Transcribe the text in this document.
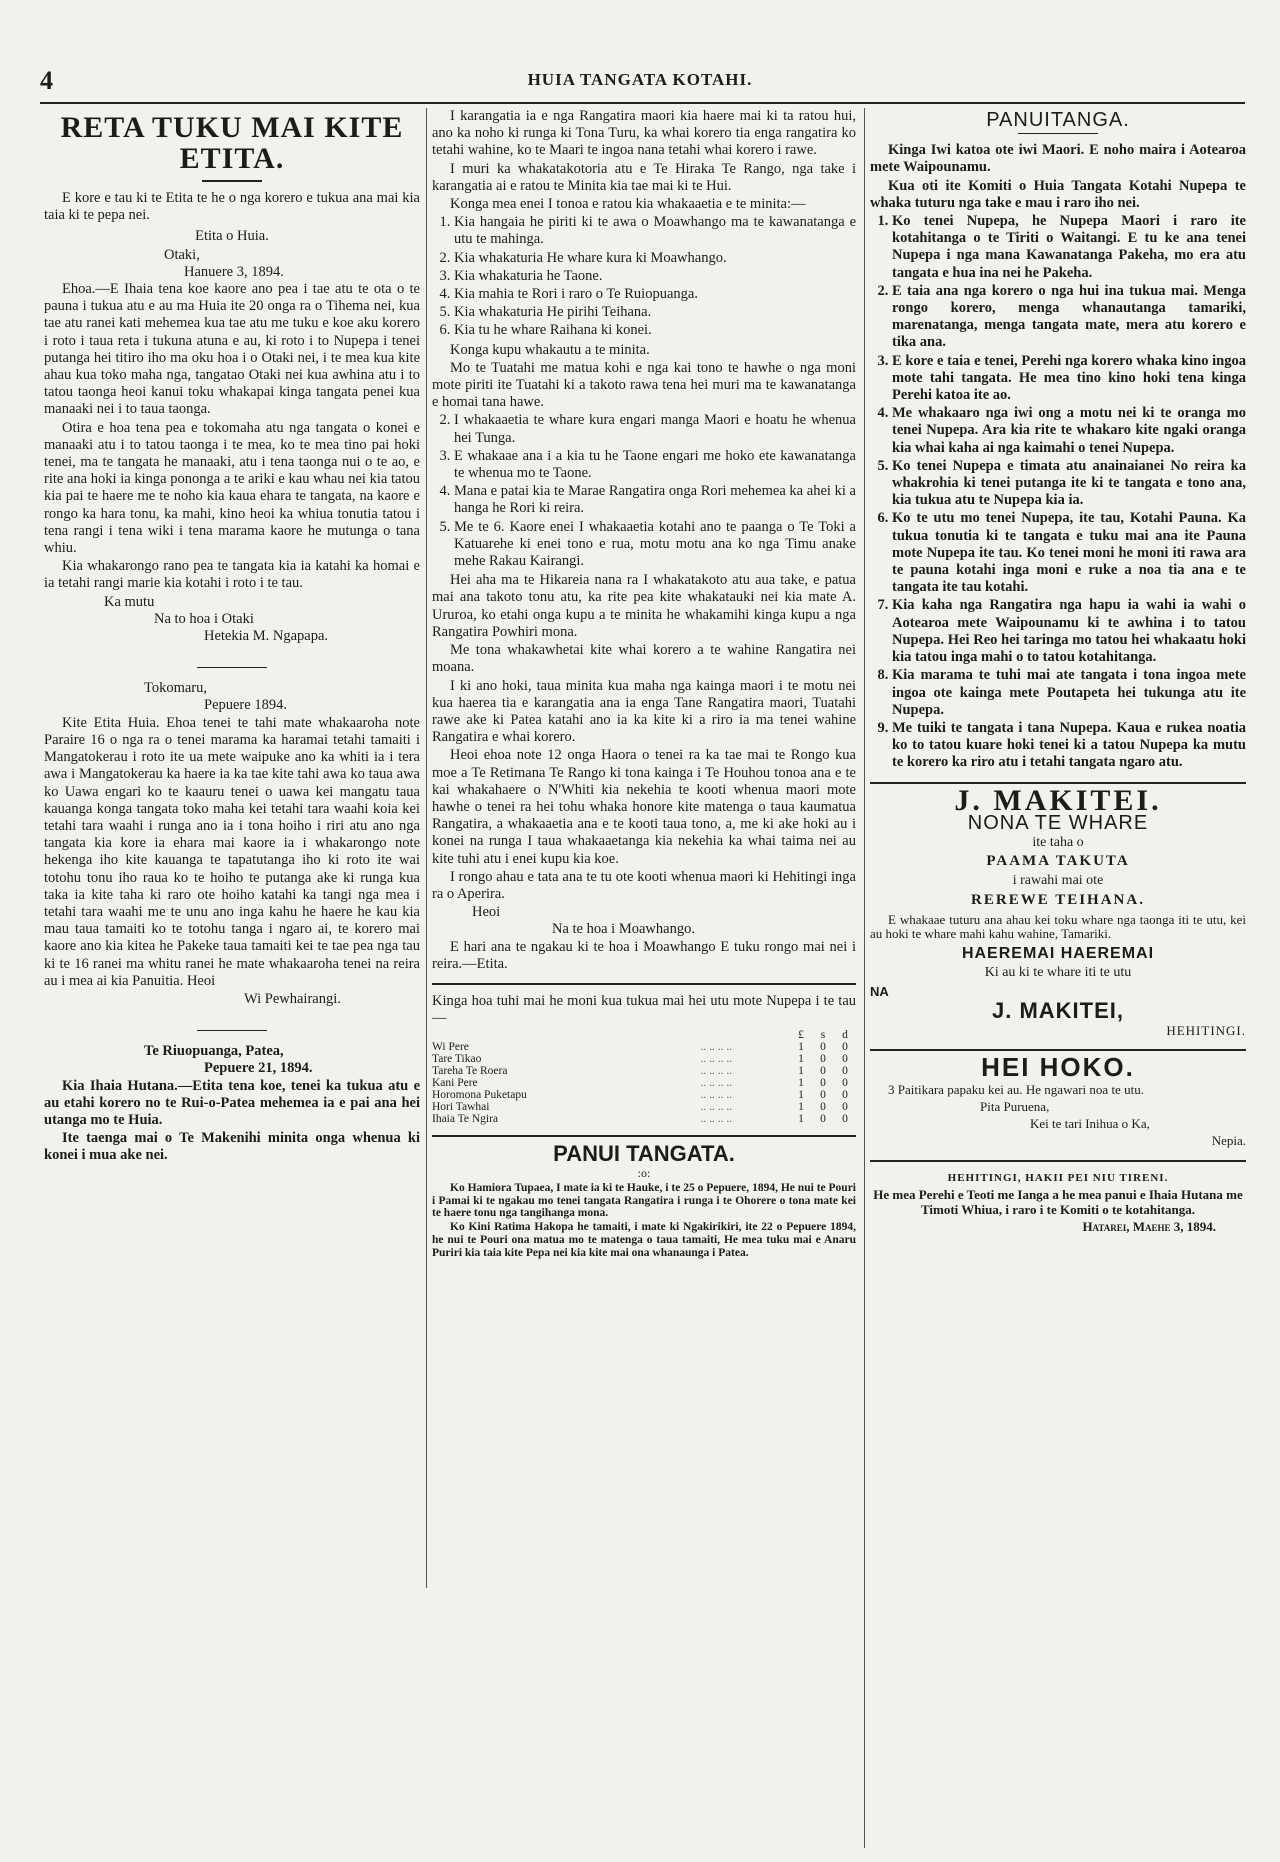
4	HUIA TANGATA KOTAHI.
RETA TUKU MAI KITE ETITA.

E kore e tau ki te Etita te he o nga korero e tukua ana mai kia taia ki te pepa nei.

Etita o Huia.

Otaki,
Hanuere 3, 1894.

Ehoa.—E Ihaia tena koe kaore ano pea i tae atu te ota o te pauna i tukua atu e au ma Huia ite 20 onga ra o Tihema nei, kua tae atu ranei kati mehemea kua tae atu me tuku e koe aku korero i roto i taua reta i tukuna atuna e au, ki roto i to Nupepa i tenei putanga hei titiro iho ma oku hoa i o Otaki nei, i te mea kua kite ahau kua toko maha nga, tangatao Otaki nei kua awhina atu i to tatou taonga heoi kanui toku whakapai kinga tangata penei kua manaaki nei i to taua taonga.

Otira e hoa tena pea e tokomaha atu nga tangata o konei e manaaki atu i to tatou taonga i te mea, ko te mea tino pai hoki tenei, ma te tangata he manaaki, atu i tena taonga nui o te ao, e rite ana hoki ia kinga pononga a te ariki e kau whau nei kia tatou kia pai te haere me te noho kia kaua ehara te tangata, na kaore e rongo ka hara tonu, ka mahi, kino heoi ka whiua tonutia tatou i tena rangi i tena wiki i tena marama kaore he mutunga o tana whiu.

Kia whakarongo rano pea te tangata kia ia katahi ka homai e ia tetahi rangi marie kia kotahi i roto i te tau.

Ka mutu
Na to hoa i Otaki
Hetekia M. Ngapapa.
Tokomaru,
Pepuere 1894.

Kite Etita Huia. Ehoa tenei te tahi mate whakaaroha note Paraire 16 o nga ra o tenei marama ka haramai tetahi tamaiti i Mangatokerau i roto ite ua mete waipuke ano ka whiti ia i tera awa i Mangatokerau ka haere ia ka tae kite tahi awa ko taua awa ko Uawa engari ko te kaauru tenei o uawa kei mangatu taua kauanga konga tangata toko maha kei tetahi tara waahi koia kei tetahi tara waahi i runga ano ia i tona hoiho i riri atu ano nga tangata kia kore ia ehara mai kaore ia i whakarongo note hekenga iho kite kauanga te tapatutanga iho ki roto ite wai totohu tonu iho raua ko te hoiho te putanga ake ki runga kua taka ia kite taha ki raro ote hoiho katahi ka tangi nga mea i tetahi tara waahi me te unu ano inga kahu he haere he kau kia mau taua tamaiti ko te totohu tanga i ngaro ai, te korero mai kaore ano kia kitea he Pakeke taua tamaiti kei te tae pea nga tau ki te 16 ranei ma whitu ranei he mate whakaaroha tenei na reira au i mea ai kia Panuitia. Heoi

Wi Pewhairangi.
Te Riuopuanga, Patea,
Pepuere 21, 1894.

Kia Ihaia Hutana.—Etita tena koe, tenei ka tukua atu e au etahi korero no te Rui-o-Patea mehemea ia e pai ana hei utanga mo te Huia.

Ite taenga mai o Te Makenihi minita onga whenua ki konei i mua ake nei.

I karangatia ia e nga Rangatira maori kia haere mai ki ta ratou hui, ano ka noho ki runga ki Tona Turu, ka whai korero tia enga rangatira ko tetahi wahine, ko te Maari te ingoa nana tetahi whai korero i rawe.

I muri ka whakatakotoria atu e Te Hiraka Te Rango, nga take i karangatia ai e ratou te Minita kia tae mai ki te Hui.

Konga mea enei I tonoa e ratou kia whakaaetia e te minita:—

1. Kia hangaia he piriti ki te awa o Moawhango ma te kawanatanga e utu te mahinga.
2. Kia whakaturia He whare kura ki Moawhango.
3. Kia whakaturia he Taone.
4. Kia mahia te Rori i raro o Te Ruiopuanga.
5. Kia whakaturia He pirihi Teihana.
6. Kia tu he whare Raihana ki konei.

Konga kupu whakautu a te minita.

Mo te Tuatahi me matua kohi e nga kai tono te hawhe o nga moni mote piriti ite Tuatahi ki a takoto rawa tena hei muri ma te kawanatanga e homai tana hawe.

2. I whakaaetia te whare kura engari manga Maori e hoatu he whenua hei Tunga.
3. E whakaae ana i a kia tu he Taone engari me hoko ete kawanatanga te whenua mo te Taone.
4. Mana e patai kia te Marae Rangatira onga Rori mehemea ka ahei ki a hanga he Rori ki reira.
5. Me te 6. Kaore enei I whakaaetia kotahi ano te paanga o Te Toki a Katuarehe ki enei tono e rua, motu motu ana ko nga Timu anake mehe Rakau Kairangi.

Hei aha ma te Hikareia nana ra I whakatakoto atu aua take, e patua mai ana takoto tonu atu, ka rite pea kite whakatauki nei kia mate A. Ururoa, ko etahi onga kupu a te minita he whakamihi kinga kupu a nga Rangatira Powhiri mona.

Me tona whakawhetai kite whai korero a te wahine Rangatira nei moana.

I ki ano hoki, taua minita kua maha nga kainga maori i te motu nei kua haerea tia e karangatia ana ia enga Tane Rangatira maori, Tuatahi rawe ake ki Patea katahi ano ia ka kite ki a riro ia ma tenei wahine Rangatira e whai korero.

Heoi ehoa note 12 onga Haora o tenei ra ka tae mai te Rongo kua moe a Te Retimana Te Rango ki tona kainga i Te Houhou tonoa ana e te kai whakahaere o N'Whiti kia nekehia te kooti whenua maori mote hawhe o tenei ra hei tohu whaka honore kite matenga o taua kaumatua Rangatira, a whakaaetia ana e te kooti taua tono, a, me ki ake hoki au i konei na runga I taua whakaaetanga kia nekehia ka whai taima nei au kite tuhi atu i enei kupu kia koe.

I rongo ahau e tata ana te tu ote kooti whenua maori ki Hehitingi inga ra o Aperira.

Heoi
Na te hoa i Moawhango.

E hari ana te ngakau ki te hoa i Moawhango E tuku rongo mai nei i reira.—Etita.

Kinga hoa tuhi mai he moni kua tukua mai hei utu mote Nupepa i te tau—

		£	s	d
Wi Pere	.. .. .. ..	1	0	0
Tare Tikao	.. .. .. ..	1	0	0
Tareha Te Roera	.. .. .. ..	1	0	0
Kani Pere	.. .. .. ..	1	0	0
Horomona Puketapu	.. .. .. ..	1	0	0
Hori Tawhai	.. .. .. ..	1	0	0
Ihaia Te Ngira	.. .. .. ..	1	0	0
PANUI TANGATA.
:o:

Ko Hamiora Tupaea, I mate ia ki te Hauke, i te 25 o Pepuere, 1894, He nui te Pouri i Pamai ki te ngakau mo tenei tangata Rangatira i runga i te Ohorere o tona mate kei te haere tonu nga tangihanga mona.

Ko Kini Ratima Hakopa he tamaiti, i mate ki Ngakirikiri, ite 22 o Pepuere 1894, he nui te Pouri ona matua mo te matenga o taua tamaiti, He mea tuku mai e Anaru Puriri kia taia kite Pepa nei kia kite mai ona whanaunga i Patea.

PANUITANGA.

Kinga Iwi katoa ote iwi Maori. E noho maira i Aotearoa mete Waipounamu.

Kua oti ite Komiti o Huia Tangata Kotahi Nupepa te whaka tuturu nga take e mau i raro iho nei.

1. Ko tenei Nupepa, he Nupepa Maori i raro ite kotahitanga o te Tiriti o Waitangi. E tu ke ana tenei Nupepa i nga mana Kawanatanga Pakeha, mo era atu tangata e hua ina nei he Pakeha.
2. E taia ana nga korero o nga hui ina tukua mai. Menga rongo korero, menga whanautanga tamariki, marenatanga, menga tangata mate, mera atu korero e tika ana.
3. E kore e taia e tenei, Perehi nga korero whaka kino ingoa mote tahi tangata. He mea tino kino hoki tena kinga Perehi katoa ite ao.
4. Me whakaaro nga iwi ong a motu nei ki te oranga mo tenei Nupepa. Ara kia rite te whakaro kite ngaki oranga kia whai kaha ai nga kaimahi o tenei Nupepa.
5. Ko tenei Nupepa e timata atu anainaianei No reira ka whakrohia ki tenei putanga ite ki te tangata e tono ana, kia tukua atu te Nupepa kia ia.
6. Ko te utu mo tenei Nupepa, ite tau, Kotahi Pauna. Ka tukua tonutia ki te tangata e tuku mai ana ite Pauna mote Nupepa ite tau. Ko tenei moni he moni iti rawa ara te pauna kotahi inga moni e ruke a noa tia ana e te tangata ite tau kotahi.
7. Kia kaha nga Rangatira nga hapu ia wahi ia wahi o Aotearoa mete Waipounamu ki te awhina i to tatou Nupepa. Hei Reo hei taringa mo tatou hei whakaatu hoki kia tatou inga mahi o to tatou kotahitanga.
8. Kia marama te tuhi mai ate tangata i tona ingoa mete ingoa ote kainga mete Poutapeta hei tukunga atu ite Nupepa.
9. Me tuiki te tangata i tana Nupepa. Kaua e rukea noatia ko to tatou kuare hoki tenei ki a tatou Nupepa ka mutu te korero ka riro atu i tetahi tangata ngaro atu.
J. MAKITEI.
NONA TE WHARE
ite taha o
PAAMA TAKUTA
i rawahi mai ote
REREWE TEIHANA.

E whakaae tuturu ana ahau kei toku whare nga taonga iti te utu, kei au hoki te whare mahi kahu wahine, Tamariki.

HAEREMAI HAEREMAI
Ki au ki te whare iti te utu
NA
J. MAKITEI,
HEHITINGI.
HEI HOKO.

3 Paitikara papaku kei au. He ngawari noa te utu.

Pita Puruena,
Kei te tari Inihua o Ka,
Nepia.
HEHITINGI, HAKII PEI NIU TIRENI.

He mea Perehi e Teoti me Ianga a he mea panui e Ihaia Hutana me Timoti Whiua, i raro i te Komiti o te kotahitanga.

Hatarei, Maehe 3, 1894.
